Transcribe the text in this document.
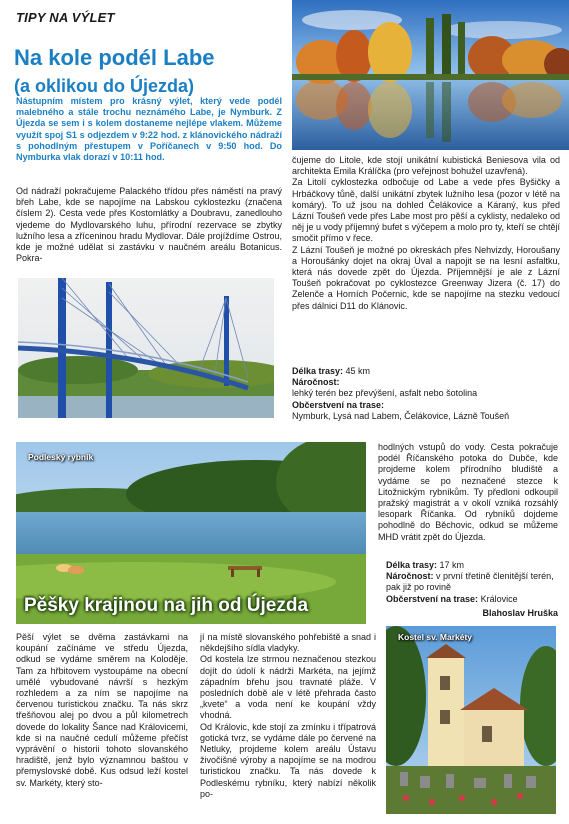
TIPY NA VÝLET
Na kole podél Labe
(a oklikou do Újezda)
Nástupním místem pro krásný výlet, který vede podél malebného a stále trochu neznámého Labe, je Nymburk. Z Újezda se sem i s kolem dostaneme nejlépe vlakem. Můžeme využít spoj S1 s odjezdem v 9:22 hod. z klánovického nádraží s pohodlným přestupem v Poříčanech v 9:50 hod. Do Nymburka vlak dorazí v 10:11 hod.
Od nádraží pokračujeme Palackého třídou přes náměstí na pravý břeh Labe, kde se napojíme na Labskou cyklostezku (značena číslem 2). Cesta vede přes Kostomlátky a Doubravu, zanedlouho vjedeme do Mydlovarského luhu, přírodní rezervace se zbytky lužního lesa a zříceninou hradu Mydlovar. Dále projíždíme Ostrou, kde je možné udělat si zastávku v naučném areálu Botanicus. Pokra-

čujeme do Litole, kde stojí unikátní kubistická Beniesova vila od architekta Emila Králíčka (pro veřejnost bohužel uzavřená).

Za Litolí cyklostezka odbočuje od Labe a vede přes Byšičky a Hrbáčkovy tůně, další unikátní zbytek lužního lesa (pozor v létě na komáry). To už jsou na dohled Čelákovice a Káraný, kus před Lázní Toušeň vede přes Labe most pro pěší a cyklisty, nedaleko od něj je u vody příjemný bufet s výčepem a molo pro ty, kteří se chtějí smočit přímo v řece.

Z Lázní Toušeň je možné po okreskách přes Nehvizdy, Horoušany a Horoušánky dojet na okraj Úval a napojit se na lesní asfaltku, která nás dovede zpět do Újezda. Příjemnější je ale z Lázní Toušeň pokračovat po cyklostezce Greenway Jizera (č. 17) do Zelenče a Horních Počernic, kde se napojíme na stezku vedoucí přes dálnici D11 do Klánovic.

Délka trasy: 45 km
Náročnost:
lehký terén bez převýšení, asfalt nebo šotolina
Občerstvení na trase:
Nymburk, Lysá nad Labem, Čelákovice, Lázně Toušeň
Podleský rybník
Pěšky krajinou na jih od Újezda
hodlných vstupů do vody. Cesta pokračuje podél Říčanského potoka do Dubče, kde projdeme kolem přírodního bludiště a vydáme se po neznačené stezce k Litožnickým rybníkům. Ty předloni odkoupil pražský magistrát a v okolí vzniká rozsáhlý lesopark Říčanka. Od rybníků dojdeme pohodlně do Běchovic, odkud se můžeme MHD vrátit zpět do Újezda.
Délka trasy: 17 km
Náročnost: v první třetině členitější terén, pak již po rovině
Občerstvení na trase: Královice
Blahoslav Hruška
Pěší výlet se dvěma zastávkami na koupání začínáme ve středu Újezda, odkud se vydáme směrem na Koloděje. Tam za hřbitovem vystoupáme na obecní umělé vybudované návrší s hezkým rozhledem a za ním se napojíme na červenou turistickou značku. Ta nás skrz třešňovou alej po dvou a půl kilometrech dovede do lokality Šance nad Královicemi, kde si na naučné cedulí můžeme přečíst vyprávění o historii tohoto slovanského hradiště, jenž bylo významnou baštou v přemyslovské době. Kus odsud leží kostel sv. Markéty, který sto-

jí na místě slovanského pohřebiště a snad i někdejšího sídla vladyky.

Od kostela lze strmou neznačenou stezkou dojít do údolí k nádrži Markéta, na jejímž západním břehu jsou travnaté pláže. V posledních době ale v létě přehrada často „kvete“ a voda není ke koupání vždy vhodná.

Od Královic, kde stojí za zmínku i třípatrová gotická tvrz, se vydáme dále po červené na Netluky, projdeme kolem areálu Ústavu živočišné výroby a napojíme se na modrou turistickou značku. Ta nás dovede k Podleskému rybníku, který nabízí několik po-

Kostel sv. Markéty
